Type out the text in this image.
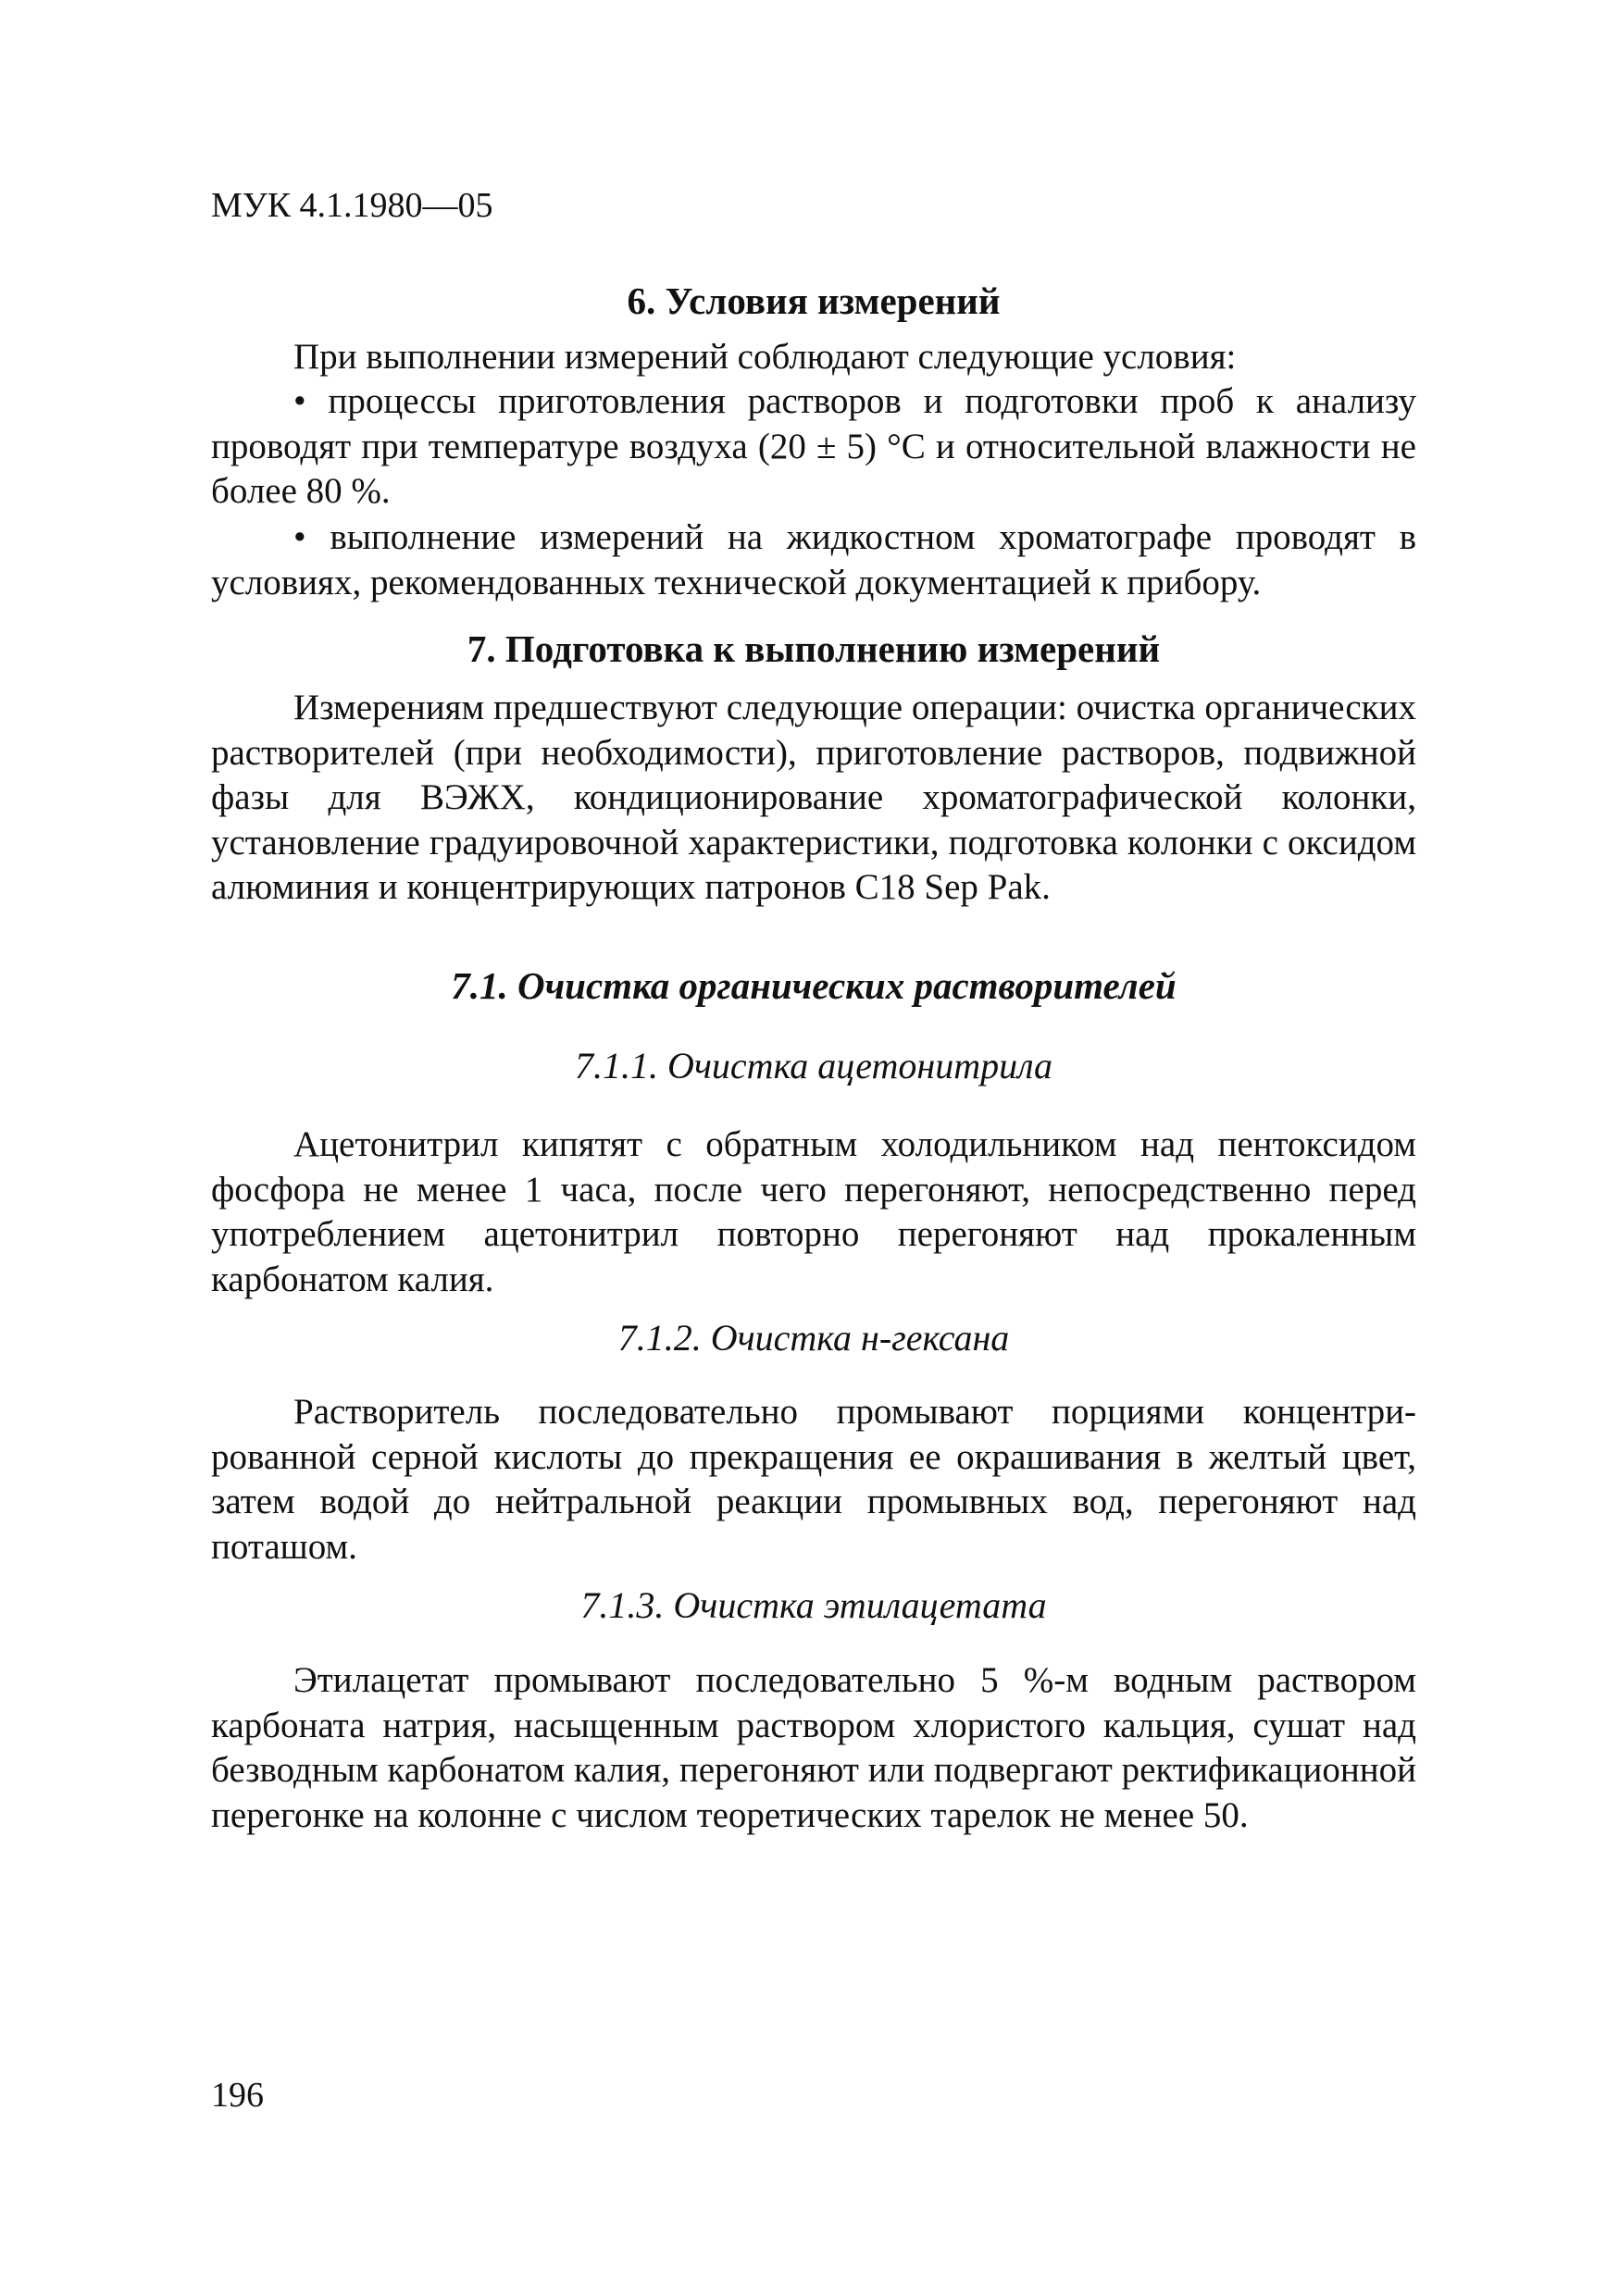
МУК 4.1.1980—05
6. Условия измерений

При выполнении измерений соблюдают следующие условия:

• процессы приготовления растворов и подготовки проб к анализу проводят при температуре воздуха (20 ± 5) °С и относительной влажности не более 80 %.

• выполнение измерений на жидкостном хроматографе проводят в условиях, рекомендованных технической документацией к прибору.

7. Подготовка к выполнению измерений

Измерениям предшествуют следующие операции: очистка органических растворителей (при необходимости), приготовление растворов, подвижной фазы для ВЭЖХ, кондиционирование хроматографической колонки, установление градуировочной характеристики, подготовка колонки с оксидом алюминия и концентрирующих патронов C18 Sep Pak.

7.1. Очистка органических растворителей
7.1.1. Очистка ацетонитрила

Ацетонитрил кипятят с обратным холодильником над пентоксидом фосфора не менее 1 часа, после чего перегоняют, непосредственно перед употреблением ацетонитрил повторно перегоняют над прокаленным карбонатом калия.

7.1.2. Очистка н-гексана

Растворитель последовательно промывают порциями концентрированной серной кислоты до прекращения ее окрашивания в желтый цвет, затем водой до нейтральной реакции промывных вод, перегоняют над поташом.

7.1.3. Очистка этилацетата

Этилацетат промывают последовательно 5 %-м водным раствором карбоната натрия, насыщенным раствором хлористого кальция, сушат над безводным карбонатом калия, перегоняют или подвергают ректификационной перегонке на колонне с числом теоретических тарелок не менее 50.

196
